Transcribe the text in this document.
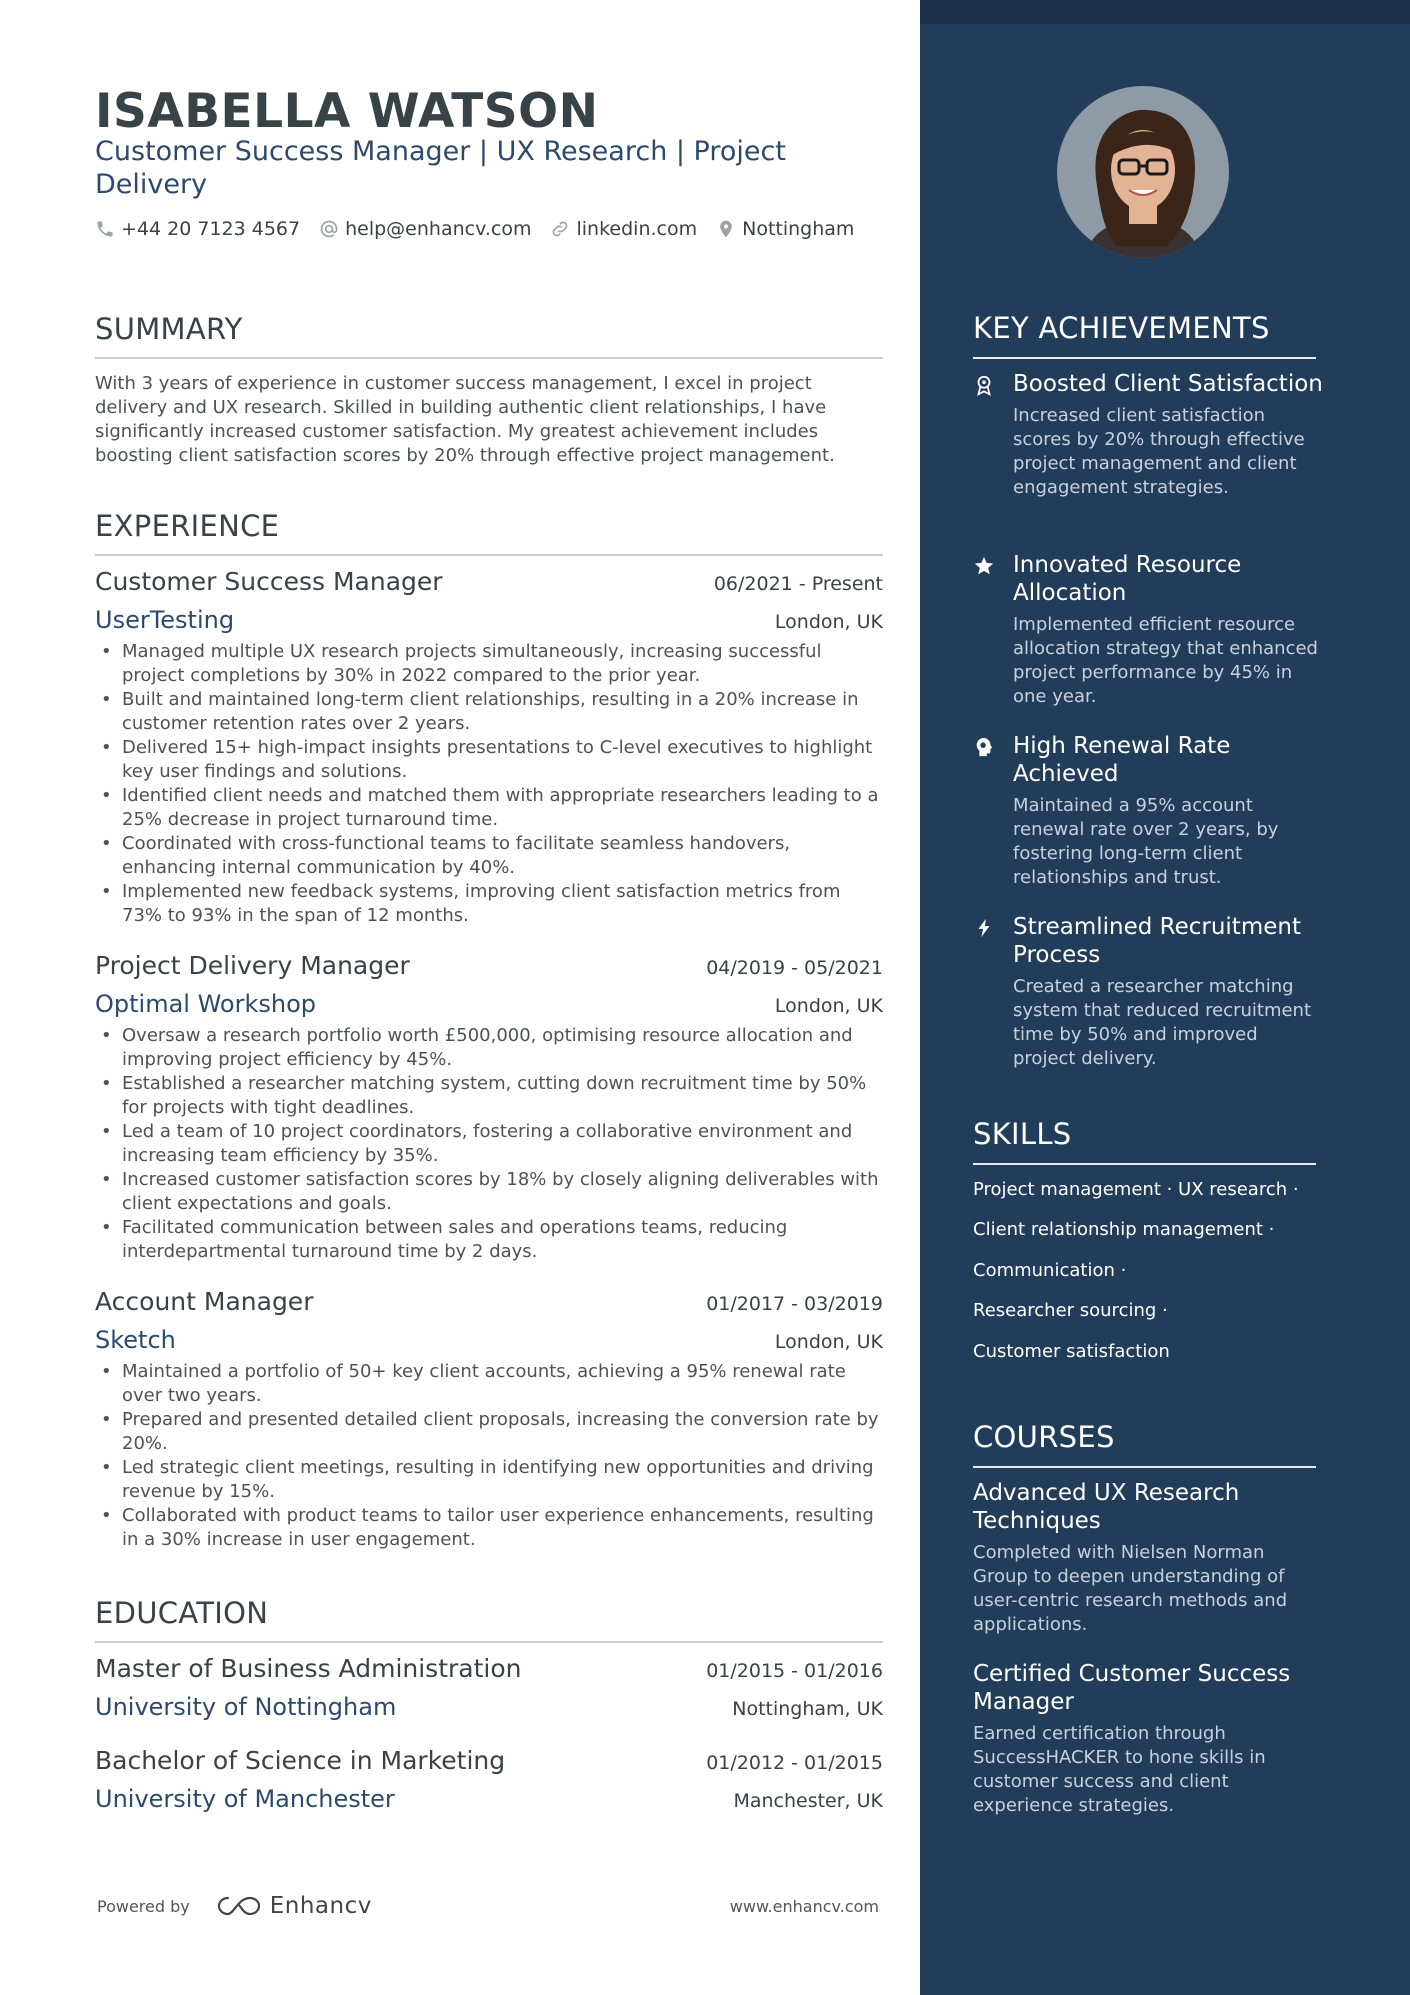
ISABELLA WATSON
Customer Success Manager | UX Research | Project Delivery
+44 20 7123 4567 help@enhancv.com linkedin.com Nottingham
SUMMARY
With 3 years of experience in customer success management, I excel in project delivery and UX research. Skilled in building authentic client relationships, I have significantly increased customer satisfaction. My greatest achievement includes boosting client satisfaction scores by 20% through effective project management.
EXPERIENCE
Customer Success Manager	06/2021 - Present
UserTesting	London, UK
• Managed multiple UX research projects simultaneously, increasing successful project completions by 30% in 2022 compared to the prior year.
• Built and maintained long-term client relationships, resulting in a 20% increase in customer retention rates over 2 years.
• Delivered 15+ high-impact insights presentations to C-level executives to highlight key user findings and solutions.
• Identified client needs and matched them with appropriate researchers leading to a 25% decrease in project turnaround time.
• Coordinated with cross-functional teams to facilitate seamless handovers, enhancing internal communication by 40%.
• Implemented new feedback systems, improving client satisfaction metrics from 73% to 93% in the span of 12 months.
Project Delivery Manager	04/2019 - 05/2021
Optimal Workshop	London, UK
• Oversaw a research portfolio worth £500,000, optimising resource allocation and improving project efficiency by 45%.
• Established a researcher matching system, cutting down recruitment time by 50% for projects with tight deadlines.
• Led a team of 10 project coordinators, fostering a collaborative environment and increasing team efficiency by 35%.
• Increased customer satisfaction scores by 18% by closely aligning deliverables with client expectations and goals.
• Facilitated communication between sales and operations teams, reducing interdepartmental turnaround time by 2 days.
Account Manager	01/2017 - 03/2019
Sketch	London, UK
• Maintained a portfolio of 50+ key client accounts, achieving a 95% renewal rate over two years.
• Prepared and presented detailed client proposals, increasing the conversion rate by 20%.
• Led strategic client meetings, resulting in identifying new opportunities and driving revenue by 15%.
• Collaborated with product teams to tailor user experience enhancements, resulting in a 30% increase in user engagement.
EDUCATION
Master of Business Administration	01/2015 - 01/2016
University of Nottingham	Nottingham, UK
Bachelor of Science in Marketing	01/2012 - 01/2015
University of Manchester	Manchester, UK
Powered by	Enhancv	www.enhancv.com
KEY ACHIEVEMENTS
Boosted Client Satisfaction
Increased client satisfaction scores by 20% through effective project management and client engagement strategies.
Innovated Resource Allocation
Implemented efficient resource allocation strategy that enhanced project performance by 45% in one year.
High Renewal Rate Achieved
Maintained a 95% account renewal rate over 2 years, by fostering long-term client relationships and trust.
Streamlined Recruitment Process
Created a researcher matching system that reduced recruitment time by 50% and improved project delivery.
SKILLS
Project management · UX research ·
Client relationship management ·
Communication ·
Researcher sourcing ·
Customer satisfaction
COURSES
Advanced UX Research Techniques
Completed with Nielsen Norman Group to deepen understanding of user-centric research methods and applications.
Certified Customer Success Manager
Earned certification through SuccessHACKER to hone skills in customer success and client experience strategies.
